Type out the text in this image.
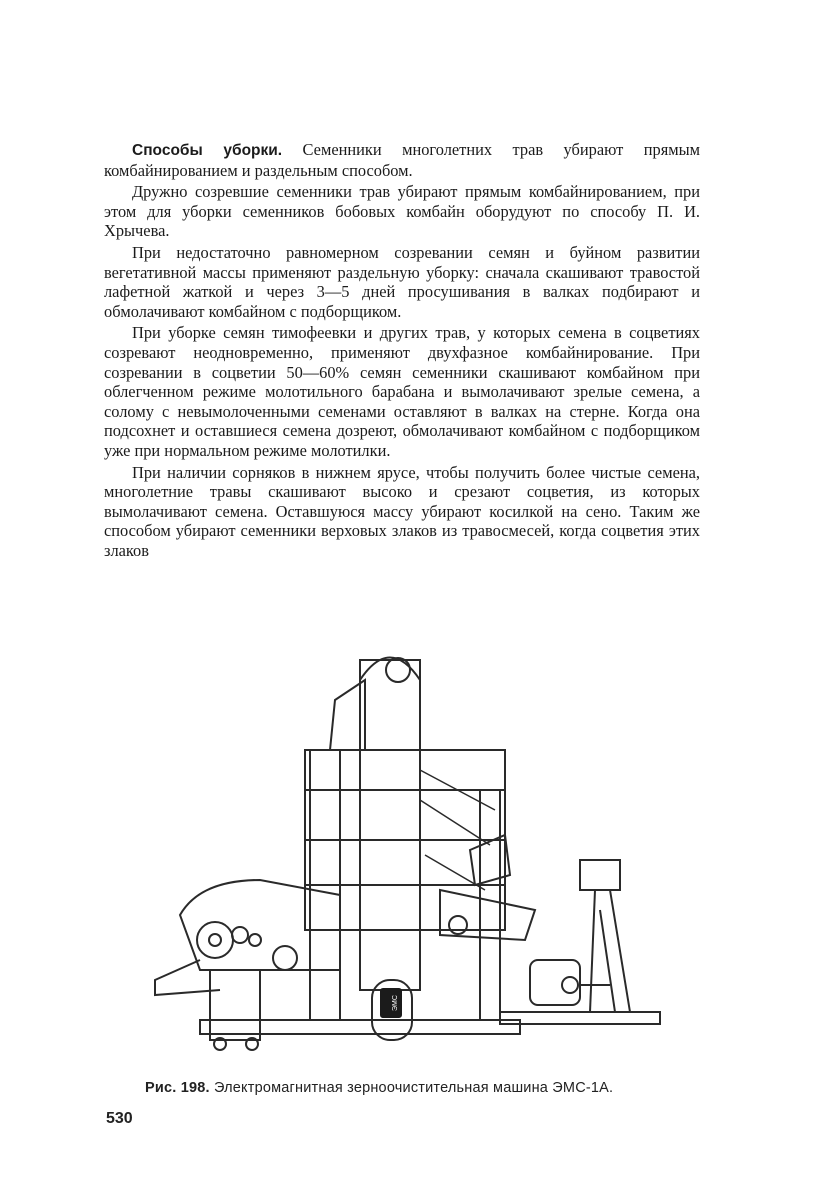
Способы уборки. Семенники многолетних трав убирают прямым комбайнированием и раздельным способом.

Дружно созревшие семенники трав убирают прямым комбайнированием, при этом для уборки семенников бобовых комбайн оборудуют по способу П. И. Хрычева.

При недостаточно равномерном созревании семян и буйном развитии вегетативной массы применяют раздельную уборку: сначала скашивают травостой лафетной жаткой и через 3—5 дней просушивания в валках подбирают и обмолачивают комбайном с подборщиком.

При уборке семян тимофеевки и других трав, у которых семена в соцветиях созревают неодновременно, применяют двухфазное комбайнирование. При созревании в соцветии 50—60% семян семенники скашивают комбайном при облегченном режиме молотильного барабана и вымолачивают зрелые семена, а солому с невымолоченными семенами оставляют в валках на стерне. Когда она подсохнет и оставшиеся семена дозреют, обмолачивают комбайном с подборщиком уже при нормальном режиме молотилки.

При наличии сорняков в нижнем ярусе, чтобы получить более чистые семена, многолетние травы скашивают высоко и срезают соцветия, из которых вымолачивают семена. Оставшуюся массу убирают косилкой на сено. Таким же способом убирают семенники верховых злаков из травосмесей, когда соцветия этих злаков

ЭМС
Рис. 198. Электромагнитная зерноочистительная машина ЭМС-1А.
530
